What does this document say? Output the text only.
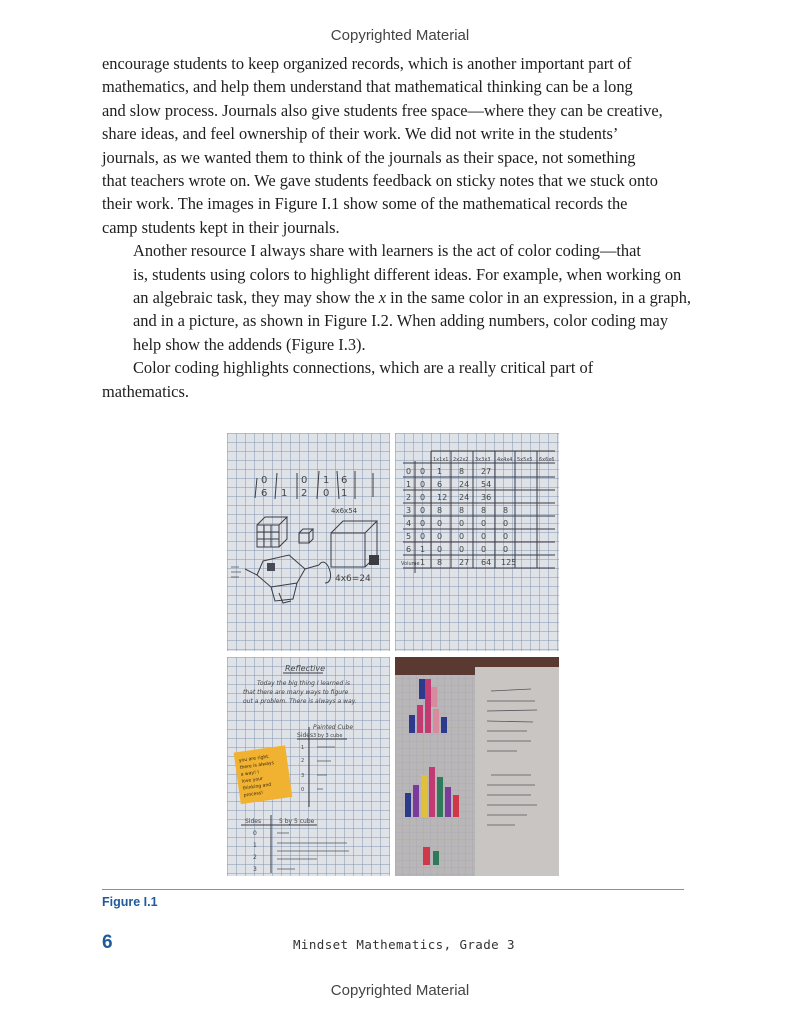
Copyrighted Material

encourage students to keep organized records, which is another important part of
mathematics, and help them understand that mathematical thinking can be a long
and slow process. Journals also give students free space—where they can be creative,
share ideas, and feel ownership of their work. We did not write in the students’
journals, as we wanted them to think of the journals as their space, not something
that teachers wrote on. We gave students feedback on sticky notes that we stuck onto
their work. The images in Figure I.1 show some of the mathematical records the
camp students kept in their journals.

Another resource I always share with learners is the act of color coding—that
is, students using colors to highlight different ideas. For example, when working on
an algebraic task, they may show the x in the same color in an expression, in a graph,
and in a picture, as shown in Figure I.2. When adding numbers, color coding may
help show the addends (Figure I.3).

Color coding highlights connections, which are a really critical part of
mathematics.

0
6 1 2
0 1 6
1
0
4x6x54
4x6=24
1x1x1 2x2x2 3x3x3 4x4x4 5x5x5 6x6x6
0 0 1 8 27
1 0 6 24 54
2 0 12 24 36
3 0 8 8 8 8
4 0 0 0 0 0
5 0 0 0 0 0
6 1 0 0 0 0
Volume 1 8 27 64 125
Reflective
Today the big thing I learned is
that there are many ways to figure
out a problem. There is always a way.
Painted Cube
3 by 3 cube
Sides
1
2
3
0
Sides	5 by 5 cube
0
1
2
3
you are right.
there is always
a way! I
love your
thinking and
process!
Figure I.1
6	Mindset Mathematics, Grade 3
Copyrighted Material
